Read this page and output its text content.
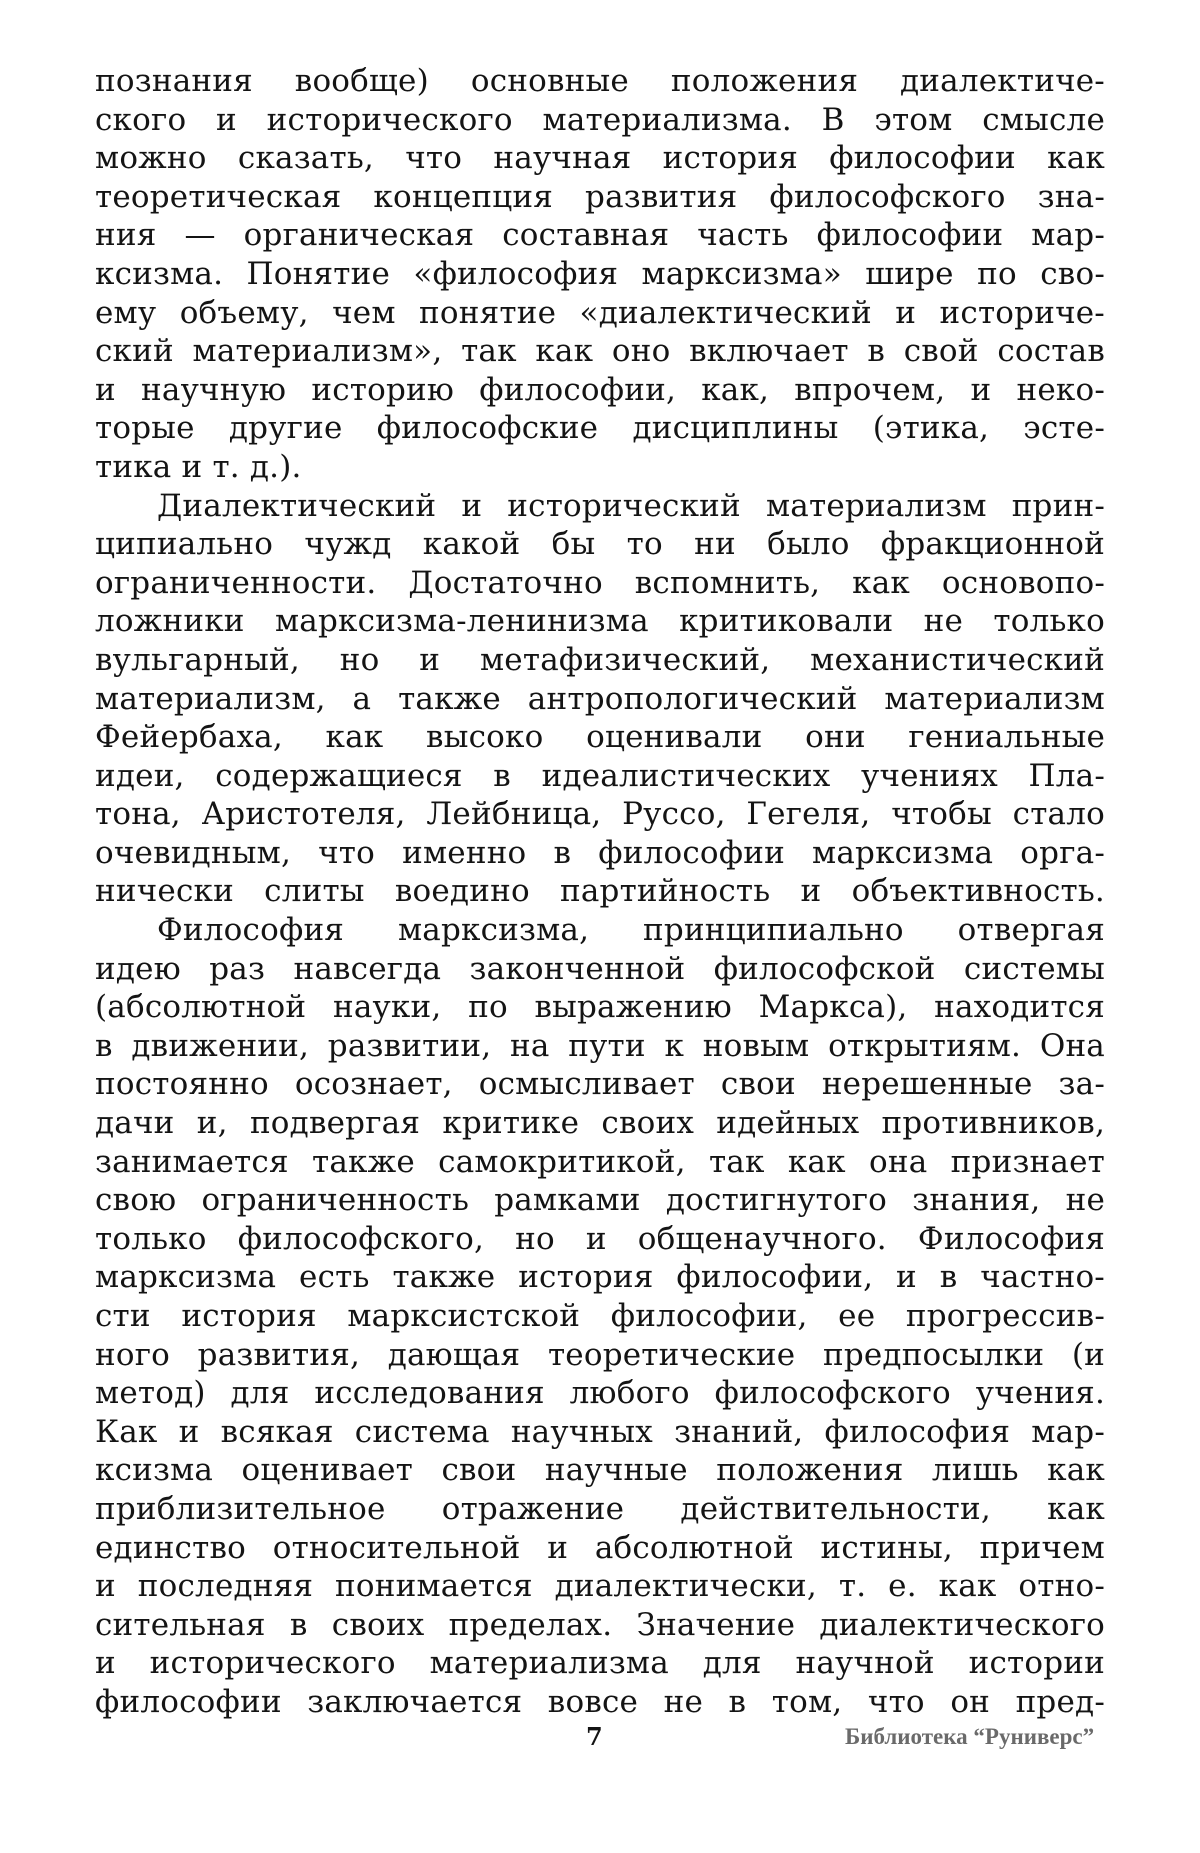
познания вообще) основные положения диалектиче-
ского и исторического материализма. В этом смысле
можно сказать, что научная история философии как
теоретическая концепция развития философского зна-
ния — органическая составная часть философии мар-
ксизма. Понятие «философия марксизма» шире по сво-
ему объему, чем понятие «диалектический и историче-
ский материализм», так как оно включает в свой состав
и научную историю философии, как, впрочем, и неко-
торые другие философские дисциплины (этика, эсте-
тика и т. д.).
Диалектический и исторический материализм прин-
ципиально чужд какой бы то ни было фракционной
ограниченности. Достаточно вспомнить, как основопо-
ложники марксизма-ленинизма критиковали не только
вульгарный, но и метафизический, механистический
материализм, а также антропологический материализм
Фейербаха, как высоко оценивали они гениальные
идеи, содержащиеся в идеалистических учениях Пла-
тона, Аристотеля, Лейбница, Руссо, Гегеля, чтобы стало
очевидным, что именно в философии марксизма орга-
нически слиты воедино партийность и объективность.
Философия марксизма, принципиально отвергая
идею раз навсегда законченной философской системы
(абсолютной науки, по выражению Маркса), находится
в движении, развитии, на пути к новым открытиям. Она
постоянно осознает, осмысливает свои нерешенные за-
дачи и, подвергая критике своих идейных противников,
занимается также самокритикой, так как она признает
свою ограниченность рамками достигнутого знания, не
только философского, но и общенаучного. Философия
марксизма есть также история философии, и в частно-
сти история марксистской философии, ее прогрессив-
ного развития, дающая теоретические предпосылки (и
метод) для исследования любого философского учения.
Как и всякая система научных знаний, философия мар-
ксизма оценивает свои научные положения лишь как
приблизительное отражение действительности, как
единство относительной и абсолютной истины, причем
и последняя понимается диалектически, т. е. как отно-
сительная в своих пределах. Значение диалектического
и исторического материализма для научной истории
философии заключается вовсе не в том, что он пред-
7	Библиотека “Руниверс”
